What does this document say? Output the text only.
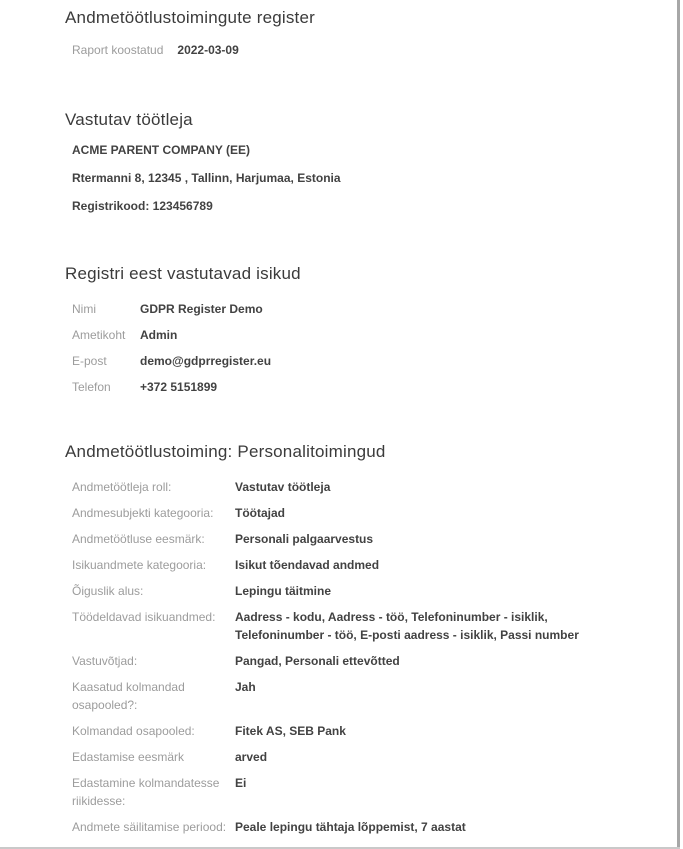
Andmetöötlustoimingute register
Raport koostatud 2022-03-09
Vastutav töötleja

ACME PARENT COMPANY (EE)

Rtermanni 8, 12345 , Tallinn, Harjumaa, Estonia

Registrikood: 123456789

Registri eest vastutavad isikud
Nimi	GDPR Register Demo
Ametikoht	Admin
E-post	demo@gdprregister.eu
Telefon	+372 5151899
Andmetöötlustoiming: Personalitoimingud
Andmetöötleja roll:	Vastutav töötleja
Andmesubjekti kategooria:	Töötajad
Andmetöötluse eesmärk:	Personali palgaarvestus
Isikuandmete kategooria:	Isikut tõendavad andmed
Õiguslik alus:	Lepingu täitmine
Töödeldavad isikuandmed:	Aadress - kodu, Aadress - töö, Telefoninumber - isiklik, Telefoninumber - töö, E-posti aadress - isiklik, Passi number
Vastuvõtjad:	Pangad, Personali ettevõtted
Kaasatud kolmandad osapooled?:
Jah
Kolmandad osapooled:	Fitek AS, SEB Pank
Edastamise eesmärk	arved
Edastamine kolmandatesse riikidesse:
Ei
Andmete säilitamise periood: Peale lepingu tähtaja lõppemist, 7 aastat
